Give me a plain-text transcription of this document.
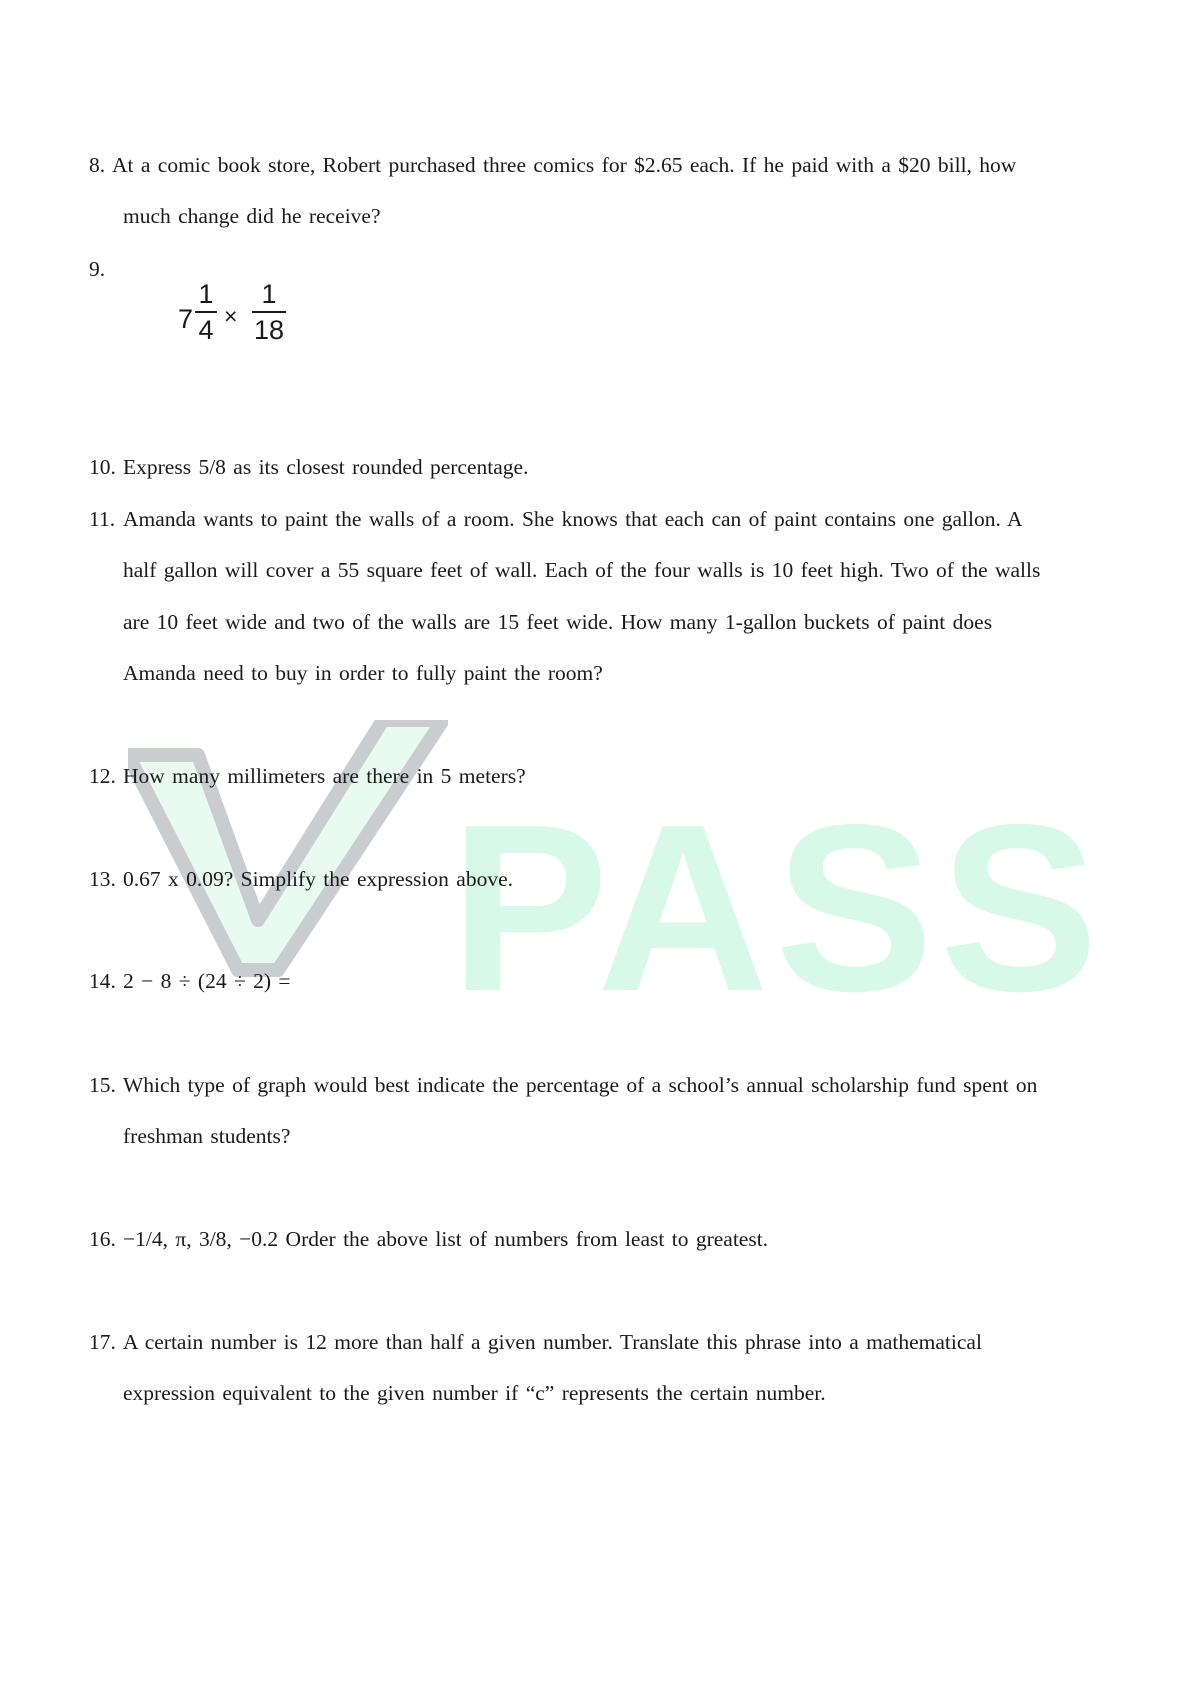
PASS
8. At a comic book store, Robert purchased three comics for $2.65 each. If he paid with a $20 bill, how
much change did he receive?
9.
7
1
4 ×
1
18
10. Express 5/8 as its closest rounded percentage.
11. Amanda wants to paint the walls of a room. She knows that each can of paint contains one gallon. A
half gallon will cover a 55 square feet of wall. Each of the four walls is 10 feet high. Two of the walls
are 10 feet wide and two of the walls are 15 feet wide. How many 1-gallon buckets of paint does
Amanda need to buy in order to fully paint the room?
12. How many millimeters are there in 5 meters?
13. 0.67 x 0.09? Simplify the expression above.
14. 2 − 8 ÷ (24 ÷ 2) =
15. Which type of graph would best indicate the percentage of a school’s annual scholarship fund spent on
freshman students?
16. −1/4, π, 3/8, −0.2 Order the above list of numbers from least to greatest.
17. A certain number is 12 more than half a given number. Translate this phrase into a mathematical
expression equivalent to the given number if “c” represents the certain number.
